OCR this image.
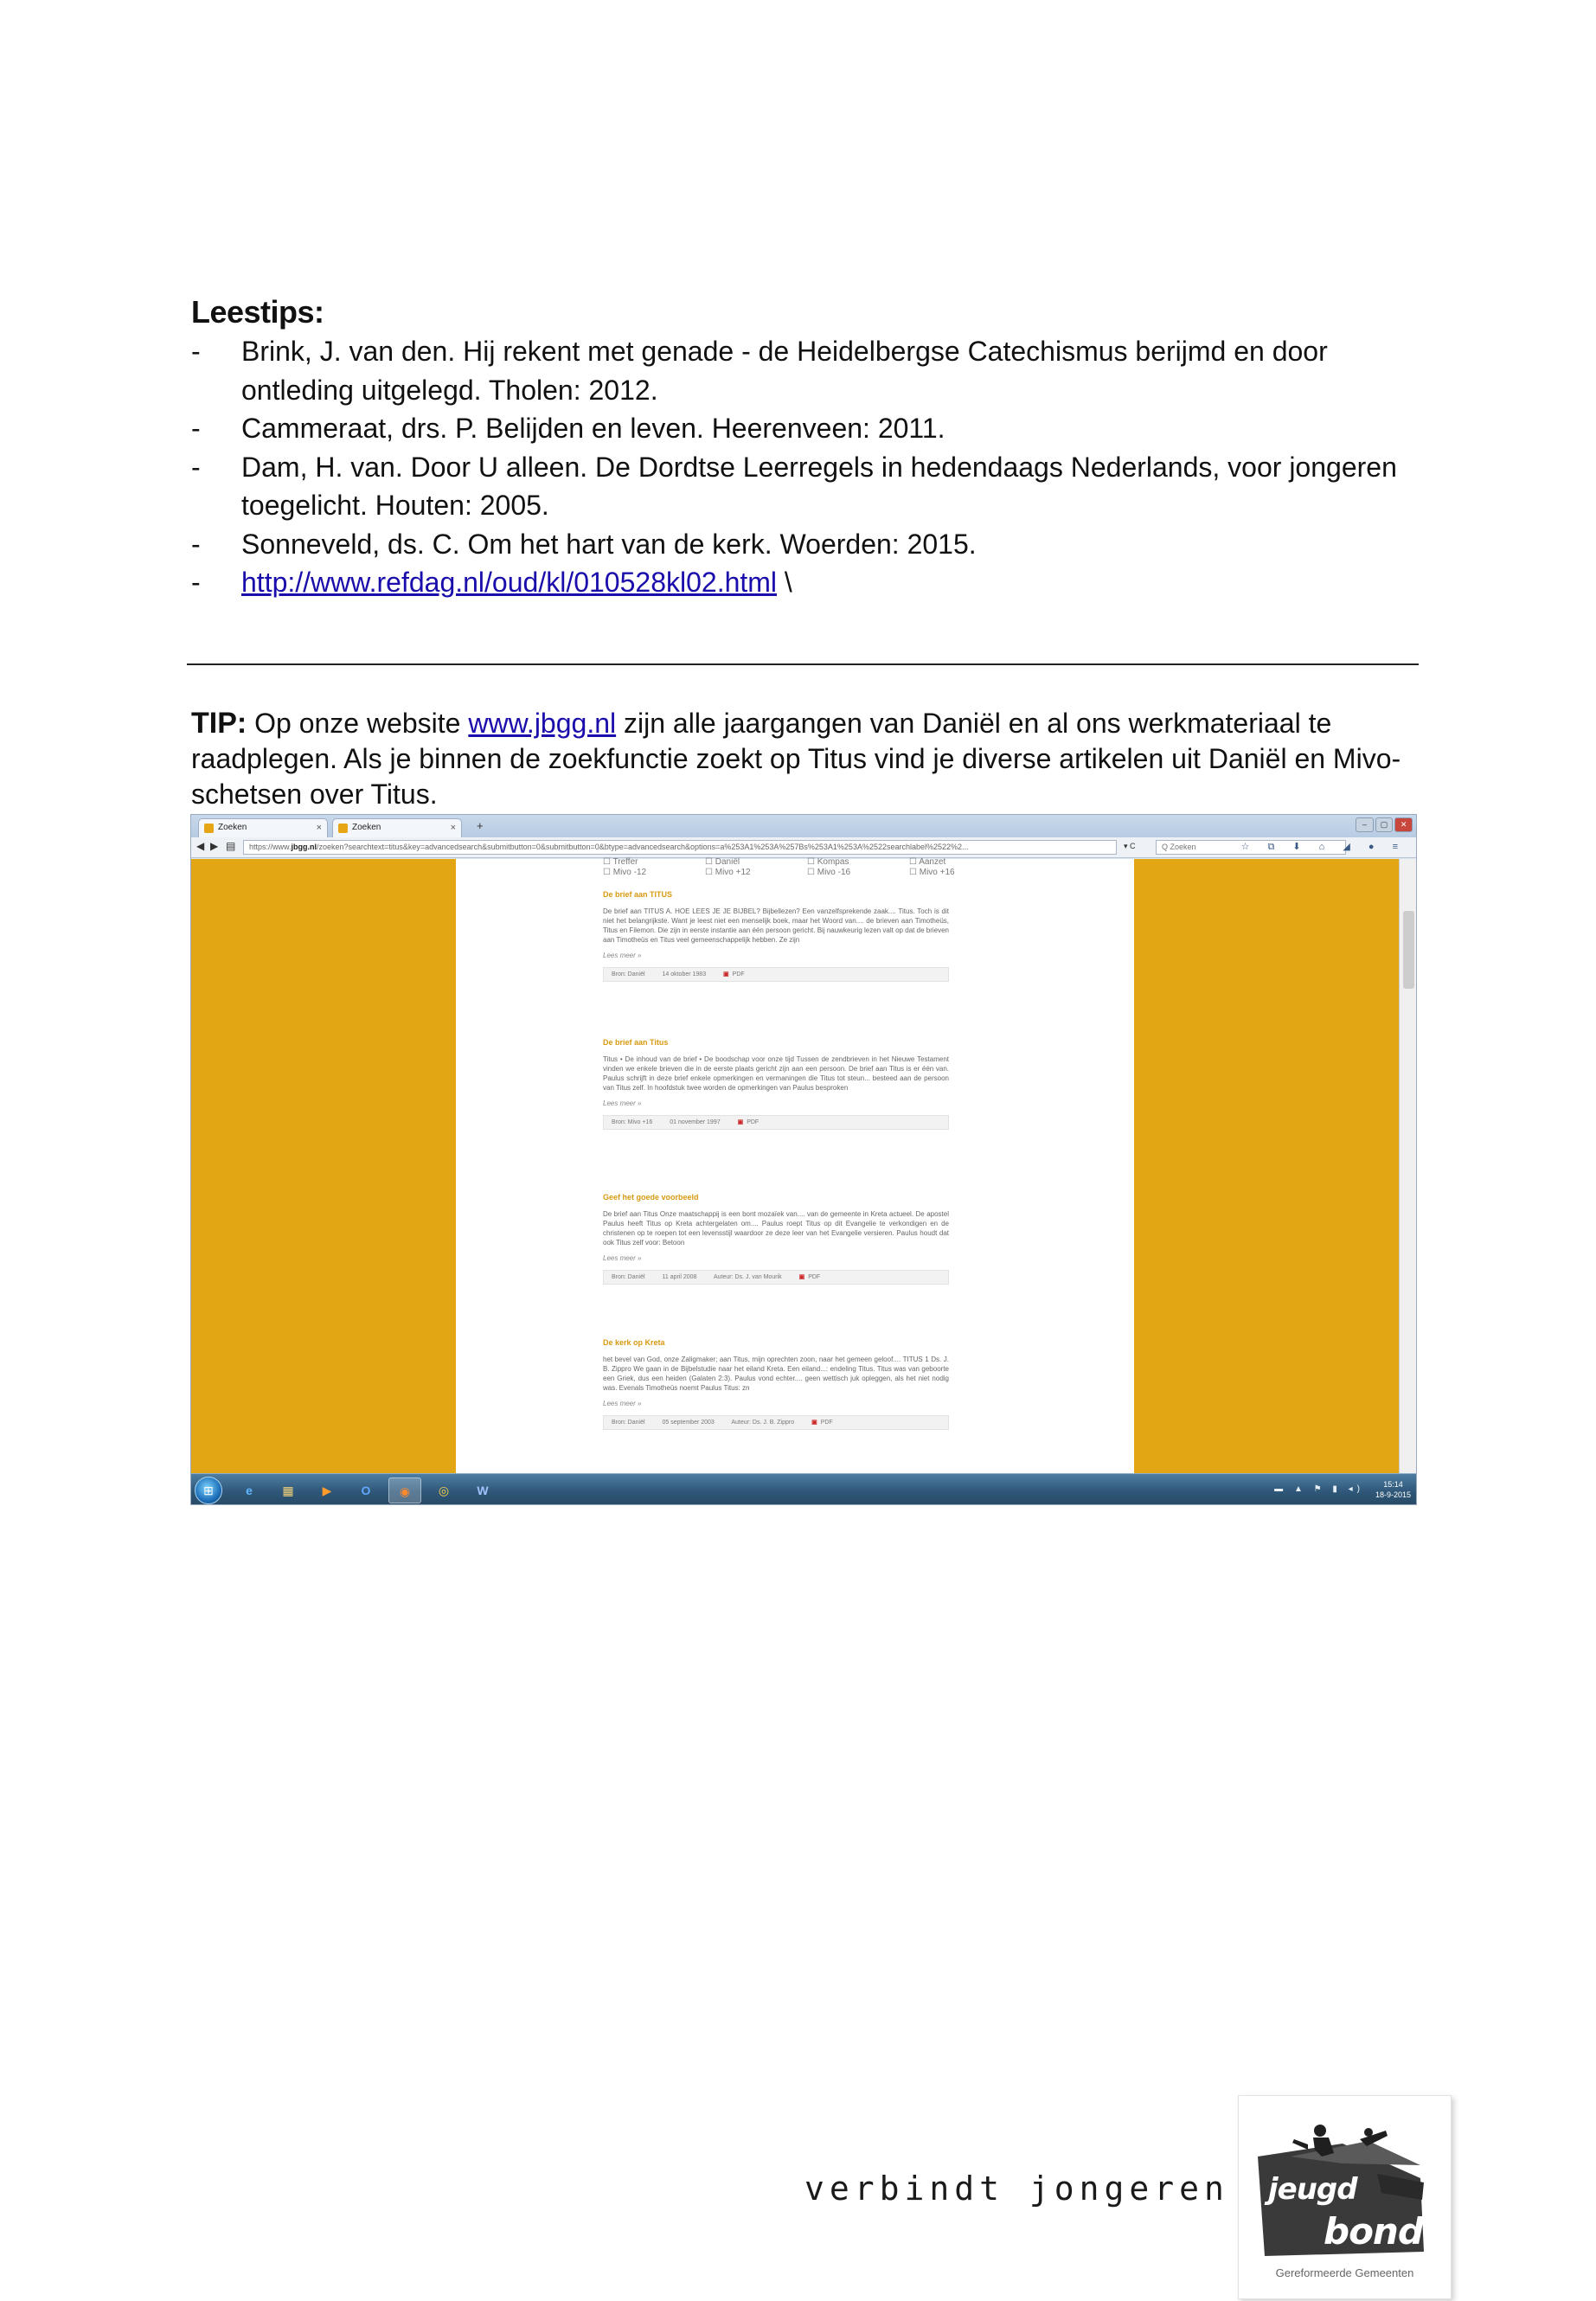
Leestips:
- Brink, J. van den. Hij rekent met genade - de Heidelbergse Catechismus berijmd en door ontleding uitgelegd. Tholen: 2012.
- Cammeraat, drs. P. Belijden en leven. Heerenveen: 2011.
- Dam, H. van. Door U alleen. De Dordtse Leerregels in hedendaags Nederlands, voor jongeren toegelicht. Houten: 2005.
- Sonneveld, ds. C. Om het hart van de kerk. Woerden: 2015.
- http://www.refdag.nl/oud/kl/010528kl02.html \

TIP: Op onze website www.jbgg.nl zijn alle jaargangen van Daniël en al ons werkmateriaal te raadplegen. Als je binnen de zoekfunctie zoekt op Titus vind je diverse artikelen uit Daniël en Mivo-schetsen over Titus.

Zoeken	×	Zoeken	× +	–	▢	✕
◀ ▶ ▤	https://www.jbgg.nl/zoeken?searchtext=titus&key=advancedsearch&submitbutton=0&submitbutton=0&btype=advancedsearch&options=a%253A1%253A%257Bs%253A1%253A%2522searchlabel%2522%2...	▾ C	Q Zoeken	☆ ⧉ ⬇ ⌂ ◢ ● ≡
☐ Treffer	☐ Daniël	☐ Kompas	☐ Aanzet
☐ Mivo -12	☐ Mivo +12	☐ Mivo -16	☐ Mivo +16
De brief aan TITUS
De brief aan TITUS A. HOE LEES JE JE BIJBEL? Bijbellezen? Een vanzelfsprekende zaak.... Titus. Toch is dit niet het belangrijkste. Want je leest niet een menselijk boek, maar het Woord van.... de brieven aan Timotheüs, Titus en Filemon. Die zijn in eerste instantie aan één persoon gericht. Bij nauwkeurig lezen valt op dat de brieven aan Timotheüs en Titus veel gemeenschappelijk hebben. Ze zijn
Lees meer »
Bron: Daniël	14 oktober 1983	▣ PDF
De brief aan Titus
Titus • De inhoud van de brief • De boodschap voor onze tijd Tussen de zendbrieven in het Nieuwe Testament vinden we enkele brieven die in de eerste plaats gericht zijn aan een persoon. De brief aan Titus is er één van. Paulus schrijft in deze brief enkele opmerkingen en vermaningen die Titus tot steun... besteed aan de persoon van Titus zelf. In hoofdstuk twee worden de opmerkingen van Paulus besproken
Lees meer »
Bron: Mivo +16	01 november 1997	▣ PDF
Geef het goede voorbeeld
De brief aan Titus Onze maatschappij is een bont mozaïek van.... van de gemeente in Kreta actueel. De apostel Paulus heeft Titus op Kreta achtergelaten om.... Paulus roept Titus op dit Evangelie te verkondigen en de christenen op te roepen tot een levensstijl waardoor ze deze leer van het Evangelie versieren. Paulus houdt dat ook Titus zelf voor: Betoon
Lees meer »
Bron: Daniël	11 april 2008	Auteur: Ds. J. van Mourik	▣ PDF
De kerk op Kreta
het bevel van God, onze Zaligmaker; aan Titus, mijn oprechten zoon, naar het gemeen geloof.... TITUS 1 Ds. J. B. Zippro We gaan in de Bijbelstudie naar het eiland Kreta. Een eiland...: endeling Titus. Titus was van geboorte een Griek, dus een heiden (Galaten 2:3). Paulus vond echter.... geen wettisch juk opleggen, als het niet nodig was. Evenals Timotheüs noemt Paulus Titus: zn
Lees meer »
Bron: Daniël	05 september 2003	Auteur: Ds. J. B. Zippro	▣ PDF
⊞	e	▦	▶	O	◉	◎	W	▬ ▲ ⚑ ▮ ◂)	15:14
18-9-2015
verbindt jongeren jeugd
bond
Gereformeerde Gemeenten
